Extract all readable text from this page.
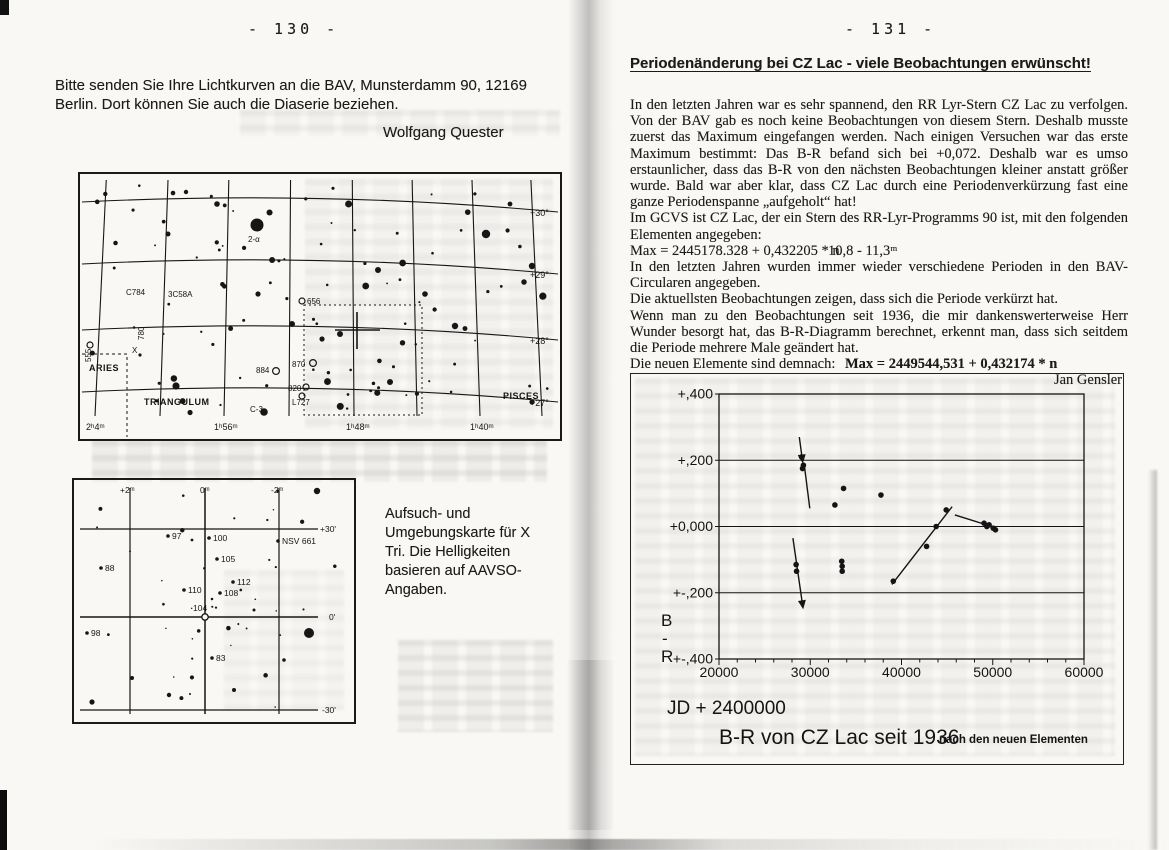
- 130 -
Bitte senden Sie Ihre Lichtkurven an die BAV, Munsterdamm 90, 12169 Berlin. Dort können Sie auch die Diaserie beziehen.
Wolfgang Quester
2-α
C784	3C58A
780
555	X
656
870
884
820
L727
C-3
ARIES
TRIANGULUM
PISCES
+30°
+29°
+28°
+27°
2ʰ4ᵐ	1ʰ56ᵐ	1ʰ48ᵐ	1ʰ40ᵐ
97	100
105
112
108
110
104
88
98
83
NSV 661
+2ᵐ	0ᵐ	-2ᵐ
+30'
0'
-30'
Aufsuch- und Umgebungskarte für X Tri. Die Helligkeiten basieren auf AAVSO-Angaben.
- 131 -
Periodenänderung bei CZ Lac - viele Beobachtungen erwünscht!

In den letzten Jahren war es sehr spannend, den RR Lyr-Stern CZ Lac zu verfolgen. Von der BAV gab es noch keine Beobachtungen von diesem Stern. Deshalb musste zuerst das Maximum eingefangen werden. Nach einigen Versuchen war das erste Maximum bestimmt: Das B-R befand sich bei +0,072. Deshalb war es umso erstaunlicher, dass das B-R von den nächsten Beobachtungen kleiner anstatt größer wurde. Bald war aber klar, dass CZ Lac durch eine Periodenverkürzung fast eine ganze Periodenspanne „aufgeholt“ hat!

Im GCVS ist CZ Lac, der ein Stern des RR-Lyr-Programms 90 ist, mit den folgenden Elementen angegeben:

Max = 2445178.328 + 0,432205 * n
10,8 - 11,3ᵐ

In den letzten Jahren wurden immer wieder verschiedene Perioden in den BAV-Circularen angegeben.

Die aktuellsten Beobachtungen zeigen, dass sich die Periode verkürzt hat.

Wenn man zu den Beobachtungen seit 1936, die mir dankenswerterweise Herr Wunder besorgt hat, das B-R-Diagramm berechnet, erkennt man, dass sich seitdem die Periode mehrere Male geändert hat.

Die neuen Elemente sind demnach: Max = 2449544,531 + 0,432174 * n
Jan Gensler
20000	30000	40000	50000	60000
+,400
+,200
+0,000
+-,200
+-,400
B
-
R
JD + 2400000
B-R von CZ Lac seit 1936
nach den neuen Elementen
